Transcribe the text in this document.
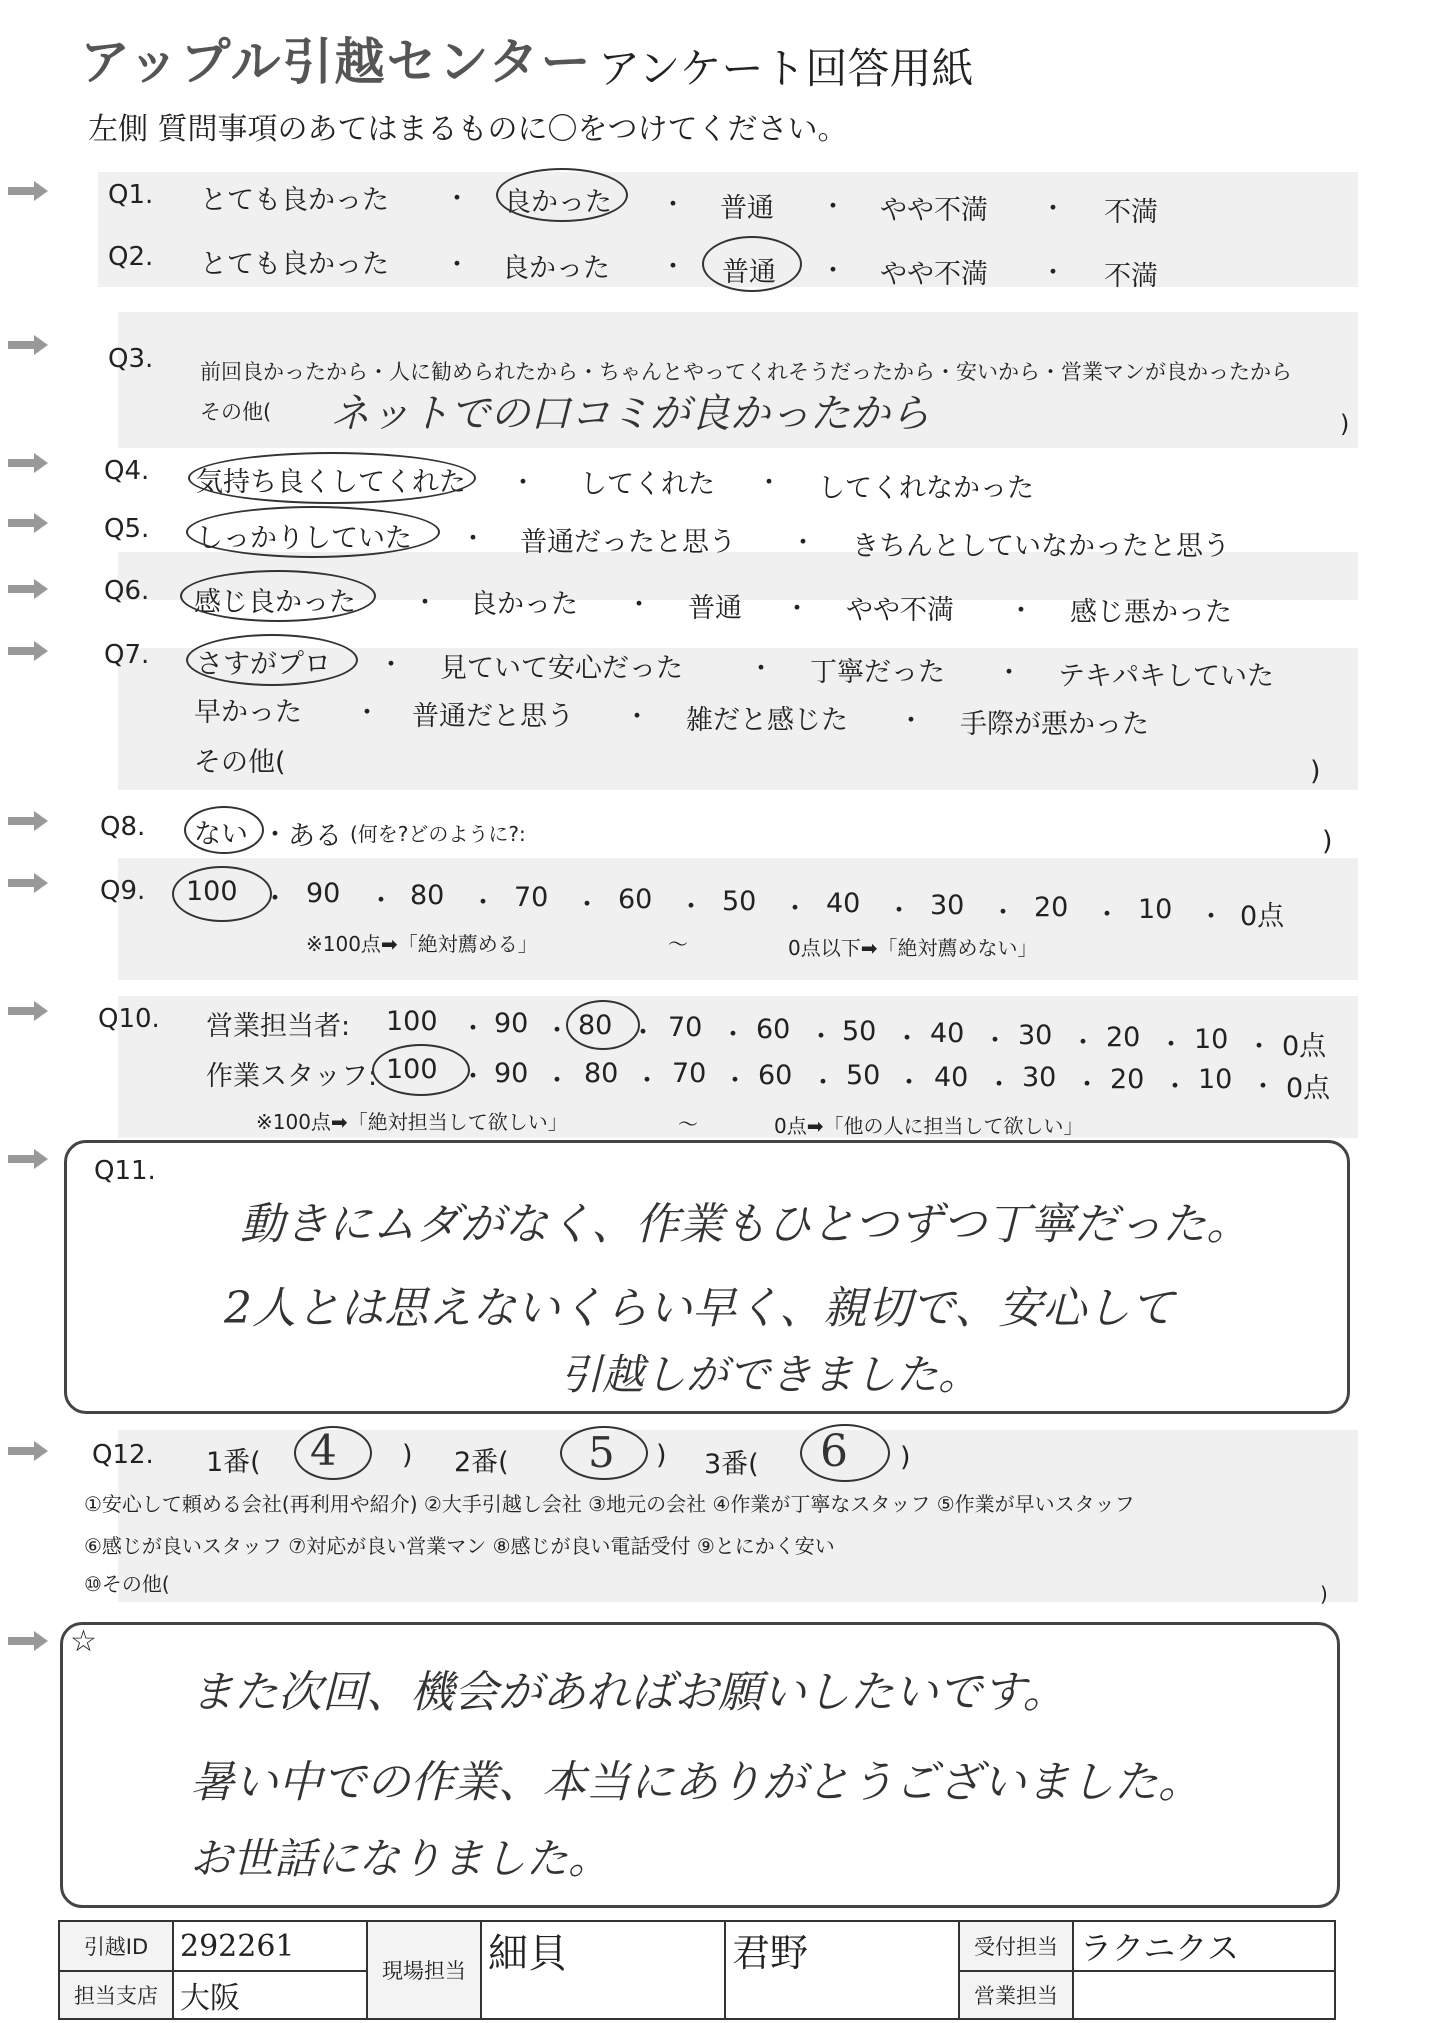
アップル引越センター アンケート回答用紙
左側 質問事項のあてはまるものに〇をつけてください。
Q1. とても良かった ・ 良かった ・ 普通 ・ やや不満 ・ 不満
Q2. とても良かった ・ 良かった ・ 普通 ・ やや不満 ・ 不満
Q3. 前回良かったから・人に勧められたから・ちゃんとやってくれそうだったから・安いから・営業マンが良かったから
その他( ネットでの口コミが良かったから	)
Q4. 気持ち良くしてくれた ・ してくれた ・ してくれなかった
Q5. しっかりしていた ・ 普通だったと思う ・ きちんとしていなかったと思う
Q6. 感じ良かった ・ 良かった ・ 普通 ・ やや不満 ・ 感じ悪かった
Q7. さすがプロ ・ 見ていて安心だった	・ 丁寧だった ・ テキパキしていた
早かった ・ 普通だと思う ・ 雑だと感じた ・ 手際が悪かった
その他(	)
Q8. ない ・ ある (何を?どのように?:	)
Q9. 100 ・ 90 ・ 80 ・ 70 ・ 60 ・ 50 ・ 40 ・ 30 ・ 20 ・ 10 ・ 0点
※100点➡「絶対薦める」	～	0点以下➡「絶対薦めない」
Q10. 営業担当者: 100 ・ 90 ・ 80 ・ 70 ・ 60 ・ 50 ・ 40 ・ 30 ・ 20 ・ 10 ・ 0点
作業スタッフ: 100 ・ 90 ・ 80 ・ 70 ・ 60 ・ 50 ・ 40 ・ 30 ・ 20 ・ 10 ・ 0点
※100点➡「絶対担当して欲しい」	～	0点➡「他の人に担当して欲しい」
Q11.
動きにムダがなく、作業もひとつずつ丁寧だった。
2人とは思えないくらい早く、親切で、安心して
引越しができました。
Q12. 1番( 4 ) 2番( 5 ) 3番( 6 )
①安心して頼める会社(再利用や紹介) ②大手引越し会社 ③地元の会社 ④作業が丁寧なスタッフ ⑤作業が早いスタッフ
⑥感じが良いスタッフ ⑦対応が良い営業マン ⑧感じが良い電話受付 ⑨とにかく安い
⑩その他(	)
☆
また次回、機会があればお願いしたいです。
暑い中での作業、本当にありがとうございました。
お世話になりました。
引越ID	292261	現場担当	細貝	君野	受付担当	ラクニクス
担当支店	大阪				営業担当	
